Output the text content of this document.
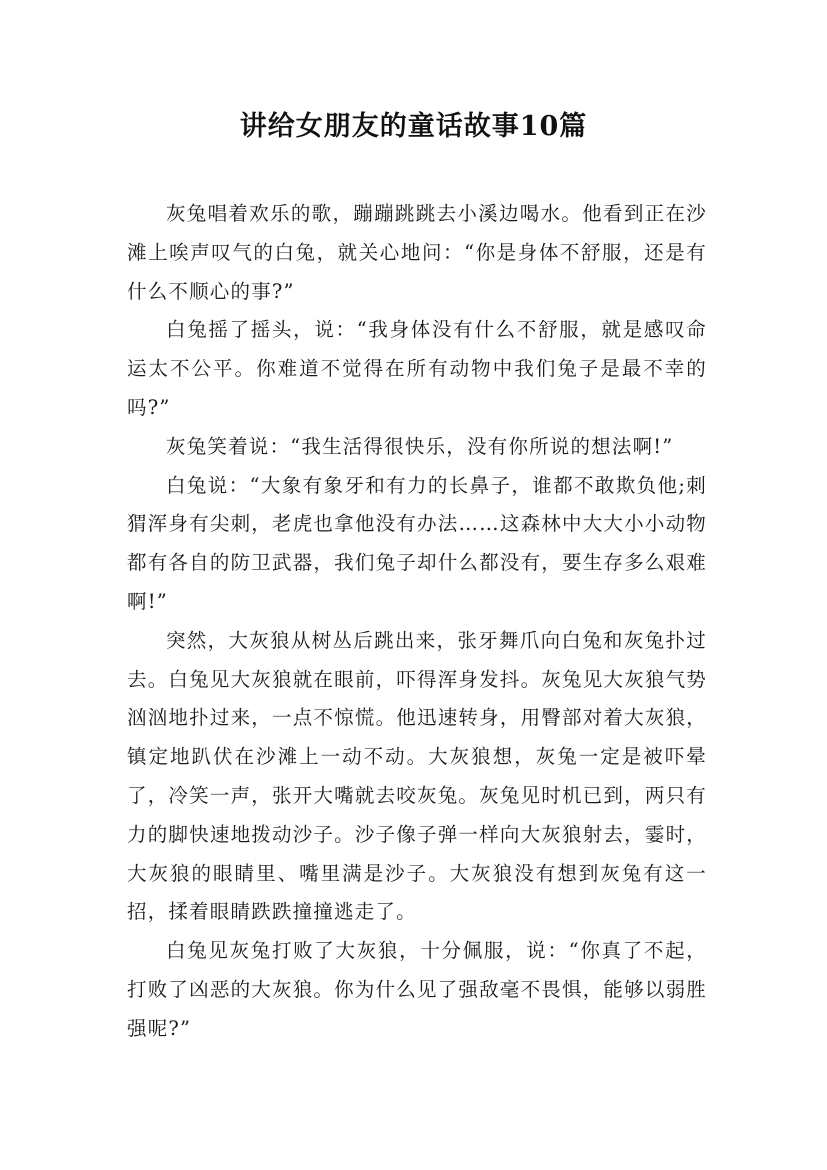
讲给女朋友的童话故事10篇

灰兔唱着欢乐的歌，蹦蹦跳跳去小溪边喝水。他看到正在沙滩上唉声叹气的白兔，就关心地问：“你是身体不舒服，还是有什么不顺心的事?”

白兔摇了摇头，说：“我身体没有什么不舒服，就是感叹命运太不公平。你难道不觉得在所有动物中我们兔子是最不幸的吗?”

灰兔笑着说：“我生活得很快乐，没有你所说的想法啊!”

白兔说：“大象有象牙和有力的长鼻子，谁都不敢欺负他;刺猬浑身有尖刺，老虎也拿他没有办法……这森林中大大小小动物都有各自的防卫武器，我们兔子却什么都没有，要生存多么艰难啊!”

突然，大灰狼从树丛后跳出来，张牙舞爪向白兔和灰兔扑过去。白兔见大灰狼就在眼前，吓得浑身发抖。灰兔见大灰狼气势汹汹地扑过来，一点不惊慌。他迅速转身，用臀部对着大灰狼，镇定地趴伏在沙滩上一动不动。大灰狼想，灰兔一定是被吓晕了，冷笑一声，张开大嘴就去咬灰兔。灰兔见时机已到，两只有力的脚快速地拨动沙子。沙子像子弹一样向大灰狼射去，霎时，大灰狼的眼睛里、嘴里满是沙子。大灰狼没有想到灰兔有这一招，揉着眼睛跌跌撞撞逃走了。

白兔见灰兔打败了大灰狼，十分佩服，说：“你真了不起，打败了凶恶的大灰狼。你为什么见了强敌毫不畏惧，能够以弱胜强呢?”
